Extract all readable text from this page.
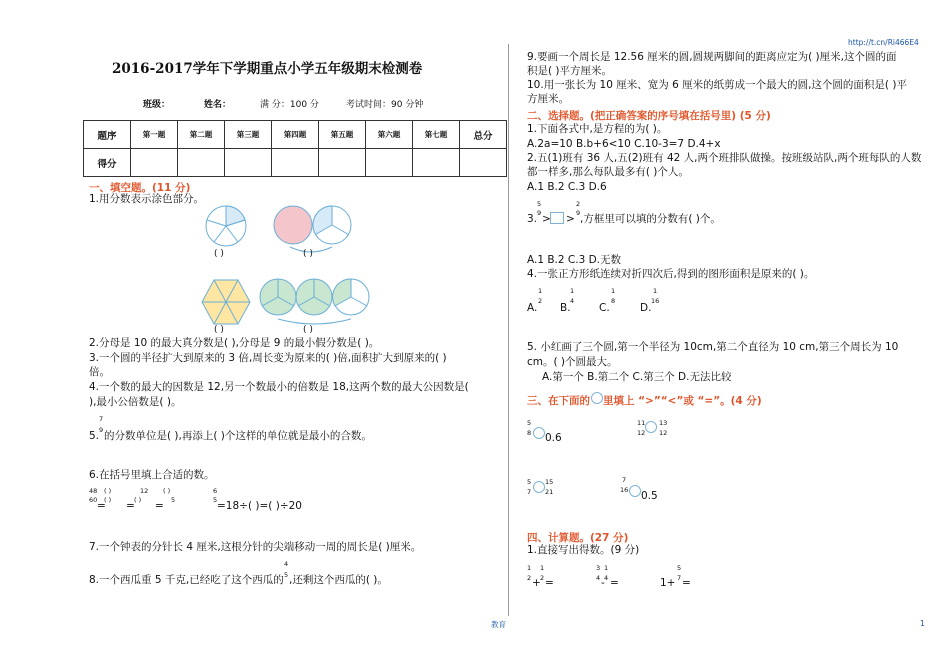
http://t.cn/Ri466E4
2016-2017学年下学期重点小学五年级期末检测卷
班级：	姓名：	满 分：100 分	考试时间：90 分钟
题序	第一题	第二题	第三题	第四题	第五题	第六题	第七题	总分
得分								
一、填空题。(11 分)
1.用分数表示涂色部分。
( )	( )
( )	( )
2.分母是 10 的最大真分数是( ),分母是 9 的最小假分数是( )。
3.一个圆的半径扩大到原来的 3 倍,周长变为原来的( )倍,面积扩大到原来的( )
倍。
4.一个数的最大的因数是 12,另一个数最小的倍数是 18,这两个数的最大公因数是(
),最小公倍数是( )。
5.
7
9 的分数单位是( ),再添上( )个这样的单位就是最小的合数。
6.在括号里填上合适的数。
48
60 =
( )
( ) =
12
( ) =
( )
5
6
5 =18÷( )=( )÷20
7.一个钟表的分针长 4 厘米,这根分针的尖端移动一周的周长是( )厘米。
8.一个西瓜重 5 千克,已经吃了这个西瓜的
4
5 ,还剩这个西瓜的( )。
教育
9.要画一个周长是 12.56 厘米的圆,圆规两脚间的距离应定为( )厘米,这个圆的面
积是( )平方厘米。
10.用一张长为 10 厘米、宽为 6 厘米的纸剪成一个最大的圆,这个圆的面积是( )平
方厘米。
二、选择题。(把正确答案的序号填在括号里) (5 分)
1.下面各式中,是方程的为( )。
A.2a=10 B.b+6<10 C.10-3=7 D.4+x
2.五(1)班有 36 人,五(2)班有 42 人,两个班排队做操。按班级站队,两个班每队的人数
都一样多,那么每队最多有( )个人。
A.1 B.2 C.3 D.6
3.
5
9 > >
2
9 ,方框里可以填的分数有( )个。
A.1 B.2 C.3 D.无数
4.一张正方形纸连续对折四次后,得到的图形面积是原来的( )。
A.
1
2
B.
1
4
C.
1
8
D.
1
16
5. 小红画了三个圆,第一个半径为 10cm,第二个直径为 10 cm,第三个周长为 10
cm。( )个圆最大。
A.第一个 B.第二个 C.第三个 D.无法比较
三、在下面的 里填上 “>”“<”或 “=”。(4 分)
5
8 0.6
11
12
13
12
5
7
15
21
7
16 0.5
四、计算题。(27 分)
1.直接写出得数。(9 分)
1
2 +
1
2 =
3
4 -
1
4 =	1+
5
7 =
1
